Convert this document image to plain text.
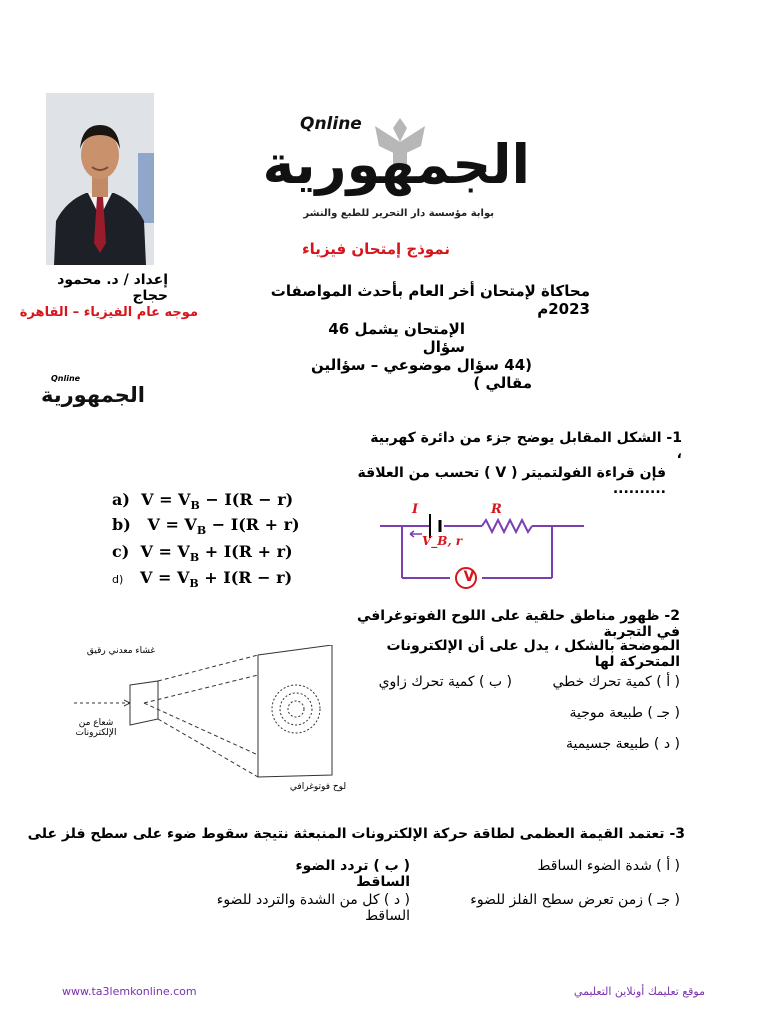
Qnline
الجمهورية
بوابة مؤسسة دار التحرير للطبع والنشر
إعداد / د. محمود حجاج
موجه عام الفيزياء – القاهرة
Qnline
الجمهورية
نموذج إمتحان فيزياء
محاكاة لإمتحان أخر العام بأحدث المواصفات 2023م
الإمتحان يشمل 46 سؤال
(44 سؤال موضوعي – سؤالين مقالي )
1- الشكل المقابل يوضح جزء من دائرة كهربية ،
فإن قراءة الفولتميتر ( V ) تحسب من العلاقة ..........
a)  $V = V_B - I(R - r)$
b)   $V = V_B - I(R + r)$
c)  $V = V_B + I(R + r)$
d)   $V = V_B + I(R - r)$
I	R
V_B, r
V
2- ظهور مناطق حلقية على اللوح الفوتوغرافي في التجربة
الموضحة بالشكل ، يدل على أن الإلكترونات المتحركة لها
( أ ) كمية تحرك خطي
( ب ) كمية تحرك زاوي
( جـ ) طبيعة موجية
( د ) طبيعة جسيمية
غشاء معدني رقيق
شعاع من الإلكترونات
لوح فوتوغرافي
3- تعتمد القيمة العظمى لطاقة حركة الإلكترونات المنبعثة نتيجة سقوط ضوء على سطح فلز على
( أ ) شدة الضوء الساقط
( ب ) تردد الضوء الساقط
( جـ ) زمن تعرض سطح الفلز للضوء
( د ) كل من الشدة والتردد للضوء الساقط
www.ta3lemkonline.com	موقع تعليمك أونلاين التعليمي
